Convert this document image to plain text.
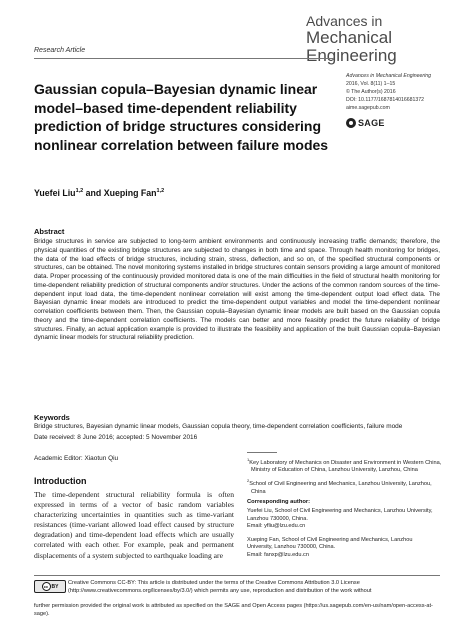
Advances in
Mechanical
Engineering
Advances in Mechanical Engineering
2016, Vol. 8(11) 1–15
© The Author(s) 2016
DOI: 10.1177/1687814016681372
aime.sagepub.com
SAGE
Research Article
Gaussian copula–Bayesian dynamic linear model–based time-dependent reliability prediction of bridge structures considering nonlinear correlation between failure modes
Yuefei Liu$^{1,2}$ and Xueping Fan$^{1,2}$
Abstract
Bridge structures in service are subjected to long-term ambient environments and continuously increasing traffic demands; therefore, the physical quantities of the existing bridge structures are subjected to changes in both time and space. Through health monitoring for bridges, the data of the load effects of bridge structures, including strain, stress, deflection, and so on, of the specified structural components or structures, can be obtained. The novel monitoring systems installed in bridge structures contain sensors providing a large amount of monitored data. Proper processing of the continuously provided monitored data is one of the main difficulties in the field of structural health monitoring for time-dependent reliability prediction of structural components and/or structures. Under the actions of the common random sources of the time-dependent input load data, the time-dependent nonlinear correlation will exist among the time-dependent output load effect data. The Bayesian dynamic linear models are introduced to predict the time-dependent output variables and model the time-dependent nonlinear correlation coefficients between them. Then, the Gaussian copula–Bayesian dynamic linear models are built based on the Gaussian copula theory and the time-dependent correlation coefficients. The models can better and more feasibly predict the future reliability of bridge structures. Finally, an actual application example is provided to illustrate the feasibility and application of the built Gaussian copula–Bayesian dynamic linear models for structural reliability prediction.
Keywords
Bridge structures, Bayesian dynamic linear models, Gaussian copula theory, time-dependent correlation coefficients, failure mode
Date received: 8 June 2016; accepted: 5 November 2016
Academic Editor: Xiaotun Qiu
Introduction
The time-dependent structural reliability formula is often expressed in terms of a vector of basic random variables characterizing uncertainties in quantities such as time-variant resistances (time-variant allowed load effect caused by structure degradation) and time-dependent load effects which are usually correlated with each other. For example, peak and permanent displacements of a system subjected to earthquake loading are
$^1$Key Laboratory of Mechanics on Disaster and Environment in Western China, Ministry of Education of China, Lanzhou University, Lanzhou, China
$^2$School of Civil Engineering and Mechanics, Lanzhou University, Lanzhou, China
Corresponding author:
Yuefei Liu, School of Civil Engineering and Mechanics, Lanzhou University,
Lanzhou 730000, China.
Email: yfliu@lzu.edu.cn
Xueping Fan, School of Civil Engineering and Mechanics, Lanzhou
University, Lanzhou 730000, China.
Email: fanxp@lzu.edu.cn
cc BY
Creative Commons CC-BY: This article is distributed under the terms of the Creative Commons Attribution 3.0 License (http://www.creativecommons.org/licenses/by/3.0/) which permits any use, reproduction and distribution of the work without
further permission provided the original work is attributed as specified on the SAGE and Open Access pages (https://us.sagepub.com/en-us/nam/open-access-at-sage).
